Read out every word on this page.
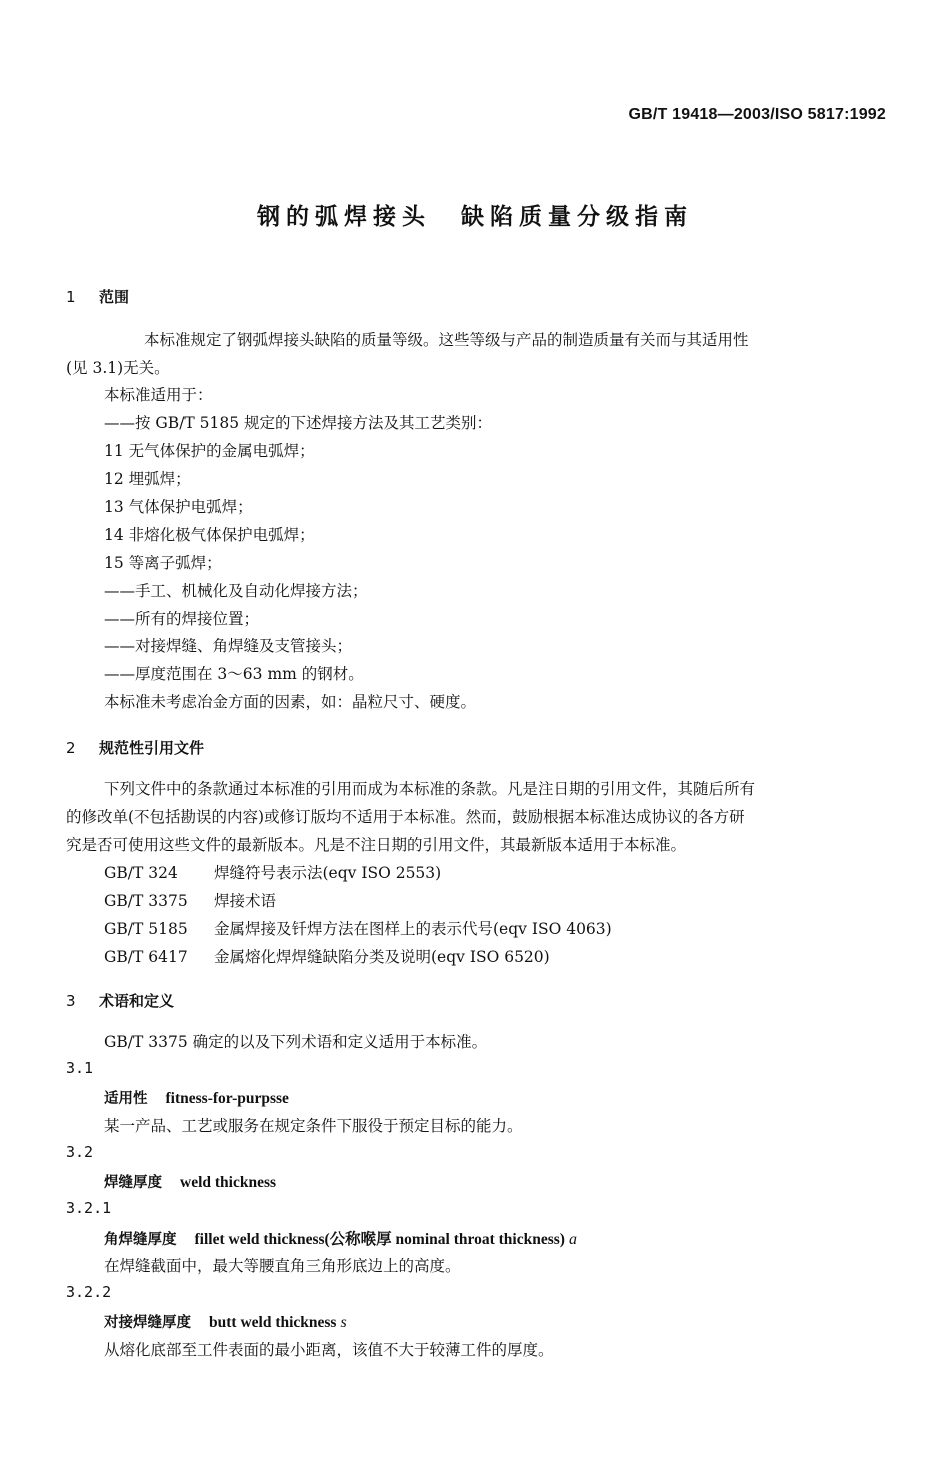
GB/T 19418—2003/ISO 5817:1992
钢的弧焊接头 缺陷质量分级指南
1 范围
本标准规定了钢弧焊接头缺陷的质量等级。这些等级与产品的制造质量有关而与其适用性
(见 3.1)无关。
本标准适用于：
——按 GB/T 5185 规定的下述焊接方法及其工艺类别：
11 无气体保护的金属电弧焊；
12 埋弧焊；
13 气体保护电弧焊；
14 非熔化极气体保护电弧焊；
15 等离子弧焊；
——手工、机械化及自动化焊接方法；
——所有的焊接位置；
——对接焊缝、角焊缝及支管接头；
——厚度范围在 3～63 mm 的钢材。
本标准未考虑冶金方面的因素，如：晶粒尺寸、硬度。
2 规范性引用文件
下列文件中的条款通过本标准的引用而成为本标准的条款。凡是注日期的引用文件，其随后所有
的修改单(不包括勘误的内容)或修订版均不适用于本标准。然而，鼓励根据本标准达成协议的各方研
究是否可使用这些文件的最新版本。凡是不注日期的引用文件，其最新版本适用于本标准。
GB/T 324 焊缝符号表示法(eqv ISO 2553)
GB/T 3375 焊接术语
GB/T 5185 金属焊接及钎焊方法在图样上的表示代号(eqv ISO 4063)
GB/T 6417 金属熔化焊焊缝缺陷分类及说明(eqv ISO 6520)
3 术语和定义
GB/T 3375 确定的以及下列术语和定义适用于本标准。
3.1
适用性 fitness-for-purpsse
某一产品、工艺或服务在规定条件下服役于预定目标的能力。
3.2
焊缝厚度 weld thickness
3.2.1
角焊缝厚度 fillet weld thickness(公称喉厚 nominal throat thickness) a
在焊缝截面中，最大等腰直角三角形底边上的高度。
3.2.2
对接焊缝厚度 butt weld thickness s
从熔化底部至工件表面的最小距离，该值不大于较薄工件的厚度。
